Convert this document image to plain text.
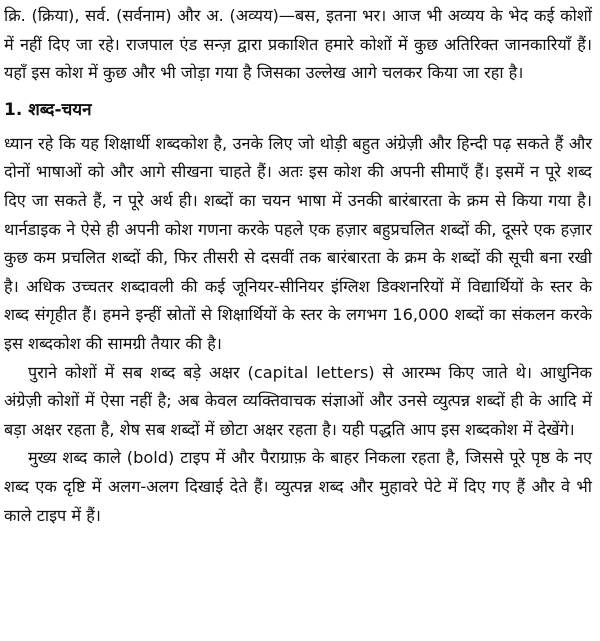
क्रि. (क्रिया), सर्व. (सर्वनाम) और अ. (अव्यय)—बस, इतना भर। आज भी अव्यय के भेद कई कोशों में नहीं दिए जा रहे। राजपाल एंड सन्ज़ द्वारा प्रकाशित हमारे कोशों में कुछ अतिरिक्त जानकारियाँ हैं। यहाँ इस कोश में कुछ और भी जोड़ा गया है जिसका उल्लेख आगे चलकर किया जा रहा है।

1. शब्द-चयन

ध्यान रहे कि यह शिक्षार्थी शब्दकोश है, उनके लिए जो थोड़ी बहुत अंग्रेज़ी और हिन्दी पढ़ सकते हैं और दोनों भाषाओं को और आगे सीखना चाहते हैं। अतः इस कोश की अपनी सीमाएँ हैं। इसमें न पूरे शब्द दिए जा सकते हैं, न पूरे अर्थ ही। शब्दों का चयन भाषा में उनकी बारंबारता के क्रम से किया गया है। थार्नडाइक ने ऐसे ही अपनी कोश गणना करके पहले एक हज़ार बहुप्रचलित शब्दों की, दूसरे एक हज़ार कुछ कम प्रचलित शब्दों की, फिर तीसरी से दसवीं तक बारंबारता के क्रम के शब्दों की सूची बना रखी है। अधिक उच्चतर शब्दावली की कई जूनियर-सीनियर इंग्लिश डिक्शनरियों में विद्यार्थियों के स्तर के शब्द संगृहीत हैं। हमने इन्हीं स्रोतों से शिक्षार्थियों के स्तर के लगभग 16,000 शब्दों का संकलन करके इस शब्दकोश की सामग्री तैयार की है।

पुराने कोशों में सब शब्द बड़े अक्षर (capital letters) से आरम्भ किए जाते थे। आधुनिक अंग्रेज़ी कोशों में ऐसा नहीं है; अब केवल व्यक्तिवाचक संज्ञाओं और उनसे व्युत्पन्न शब्दों ही के आदि में बड़ा अक्षर रहता है, शेष सब शब्दों में छोटा अक्षर रहता है। यही पद्धति आप इस शब्दकोश में देखेंगे।

मुख्य शब्द काले (bold) टाइप में और पैराग्राफ़ के बाहर निकला रहता है, जिससे पूरे पृष्ठ के नए शब्द एक दृष्टि में अलग-अलग दिखाई देते हैं। व्युत्पन्न शब्द और मुहावरे पेटे में दिए गए हैं और वे भी काले टाइप में हैं।
